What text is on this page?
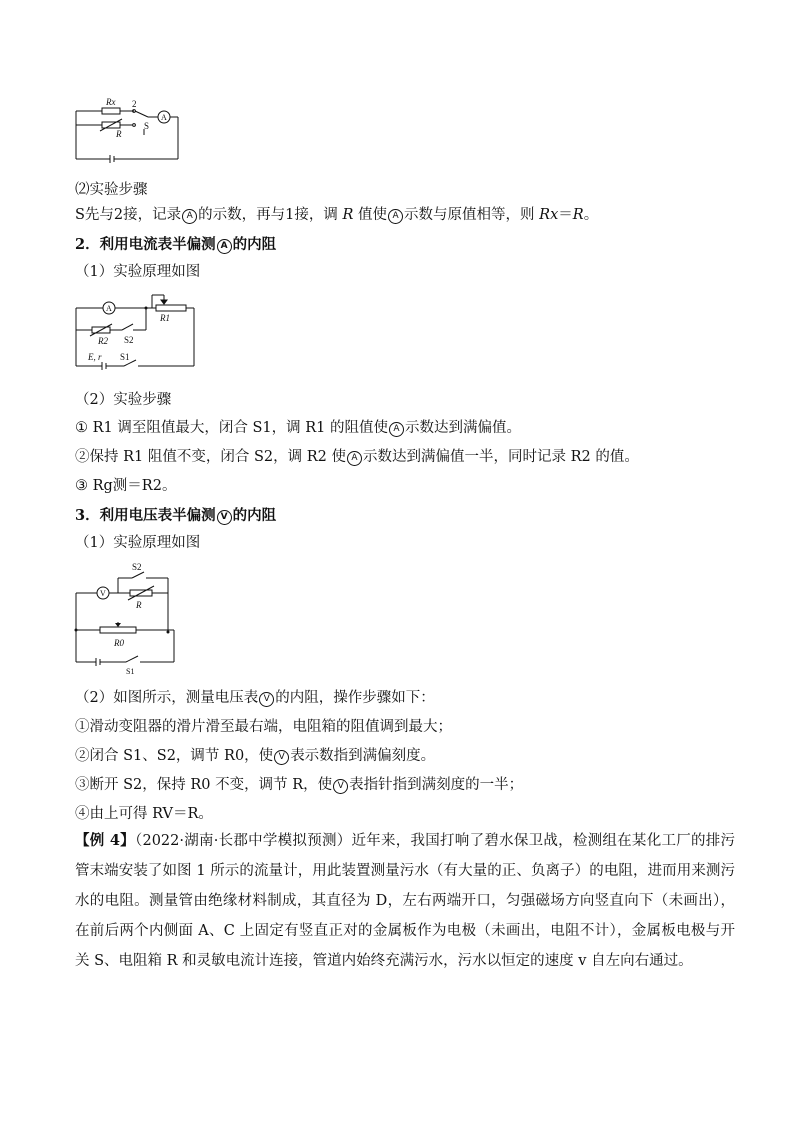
Rx 2
R
S
A
⑵实验步骤
S先与2接，记录 A 的示数，再与1接，调 R 值使 A 示数与原值相等，则 Rx＝R。
2．利用电流表半偏测 A 的内阻
（1）实验原理如图
A
R1
R2 S2
E, r S1
（2）实验步骤
① R1 调至阻值最大，闭合 S1，调 R1 的阻值使 A 示数达到满偏值。
②保持 R1 阻值不变，闭合 S2，调 R2 使 A 示数达到满偏值一半，同时记录 R2 的值。
③ Rg测＝R2。
3．利用电压表半偏测 V 的内阻
（1）实验原理如图
V
S2
R
R0
S1
（2）如图所示，测量电压表 V 的内阻，操作步骤如下：
①滑动变阻器的滑片滑至最右端，电阻箱的阻值调到最大；
②闭合 S1、S2，调节 R0，使 V 表示数指到满偏刻度。
③断开 S2，保持 R0 不变，调节 R，使 V 表指针指到满刻度的一半；
④由上可得 RV＝R。
【例 4】（2022·湖南·长郡中学模拟预测）近年来，我国打响了碧水保卫战，检测组在某化工厂的排污管末端安装了如图 1 所示的流量计，用此装置测量污水（有大量的正、负离子）的电阻，进而用来测污水的电阻。测量管由绝缘材料制成，其直径为 D，左右两端开口，匀强磁场方向竖直向下（未画出），在前后两个内侧面 A、C 上固定有竖直正对的金属板作为电极（未画出，电阻不计），金属板电极与开关 S、电阻箱 R 和灵敏电流计连接，管道内始终充满污水，污水以恒定的速度 v 自左向右通过。
